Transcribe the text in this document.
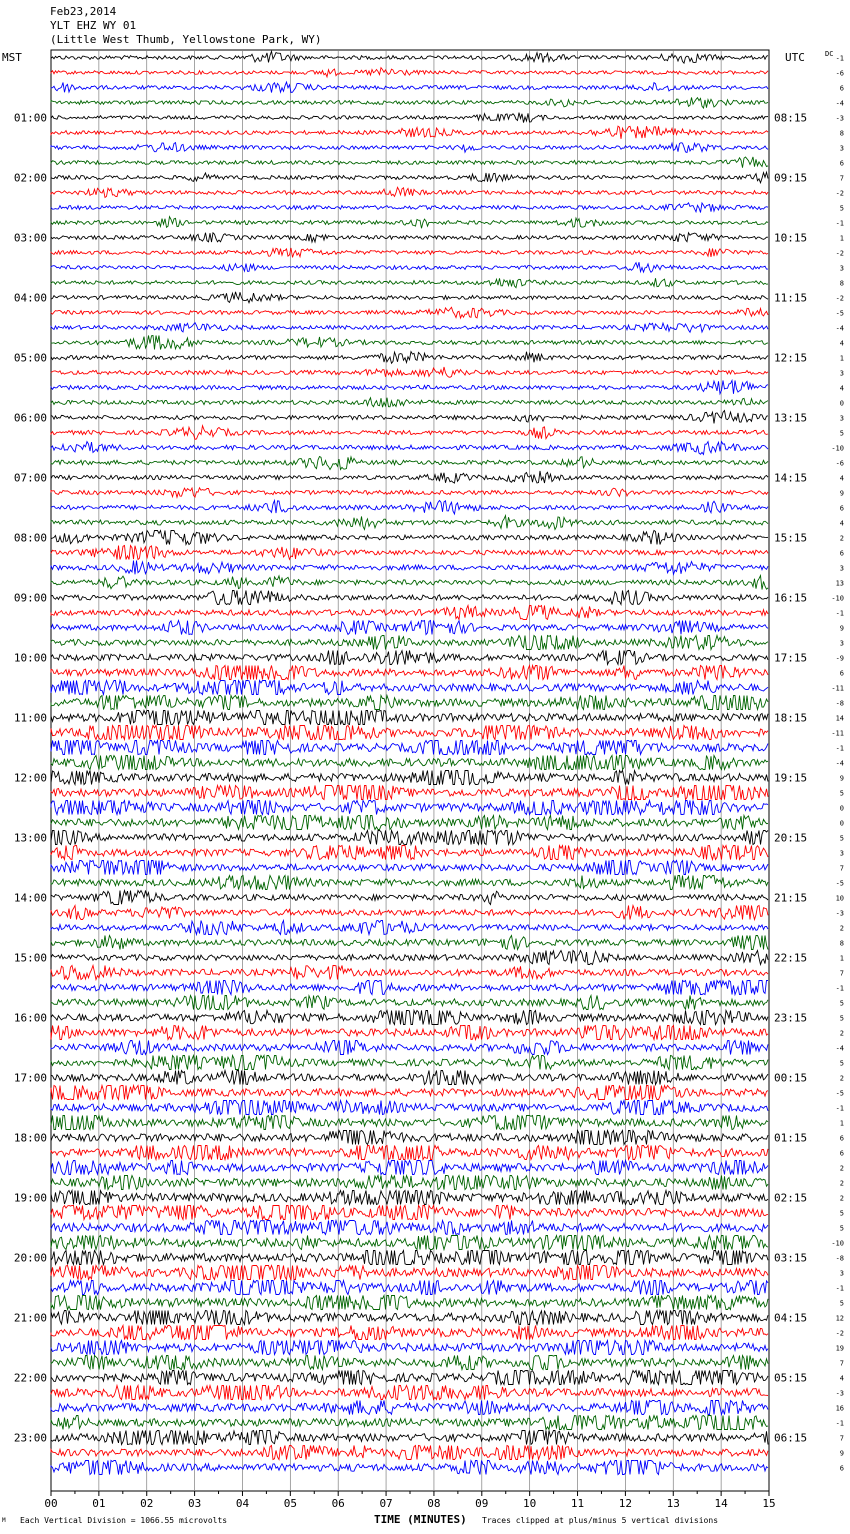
Feb23,2014
YLT EHZ WY 01
(Little West Thumb, Yellowstone Park, WY)
MST	UTC	DC
00	01	02	03	04	05	06	07	08	09	10	11	12	13	14	15
-1
-6
6
-4
-3
01:00	08:15
8
3
6
7
02:00	09:15
-2
5
-1
1
03:00	10:15
-2
3
8
-2
04:00	11:15
-5
-4
4
1
05:00	12:15
3
4
0
3
06:00	13:15
5
-10
-6
4
07:00	14:15
9
6
4
2
08:00	15:15
6
3
13
-10
09:00	16:15
-1
9
3
-9
10:00	17:15
6
-11
-8
14
11:00	18:15
-11
-1
-4
9
12:00	19:15
5
0
0
5
13:00	20:15
3
7
-5
10
14:00	21:15
-3
2
8
1
15:00	22:15
7
-1
5
5
16:00	23:15
2
-4
5
2
17:00	00:15
-5
-1
1
6
18:00	01:15
6
2
2
2
19:00	02:15
5
5
-10
-8
20:00	03:15
3
-1
5
12
21:00	04:15
-2
19
7
4
22:00	05:15
-3
16
-1
7
23:00	06:15
9
6
M Each Vertical Division = 1066.55 microvolts	TIME (MINUTES) Traces clipped at plus/minus 5 vertical divisions
